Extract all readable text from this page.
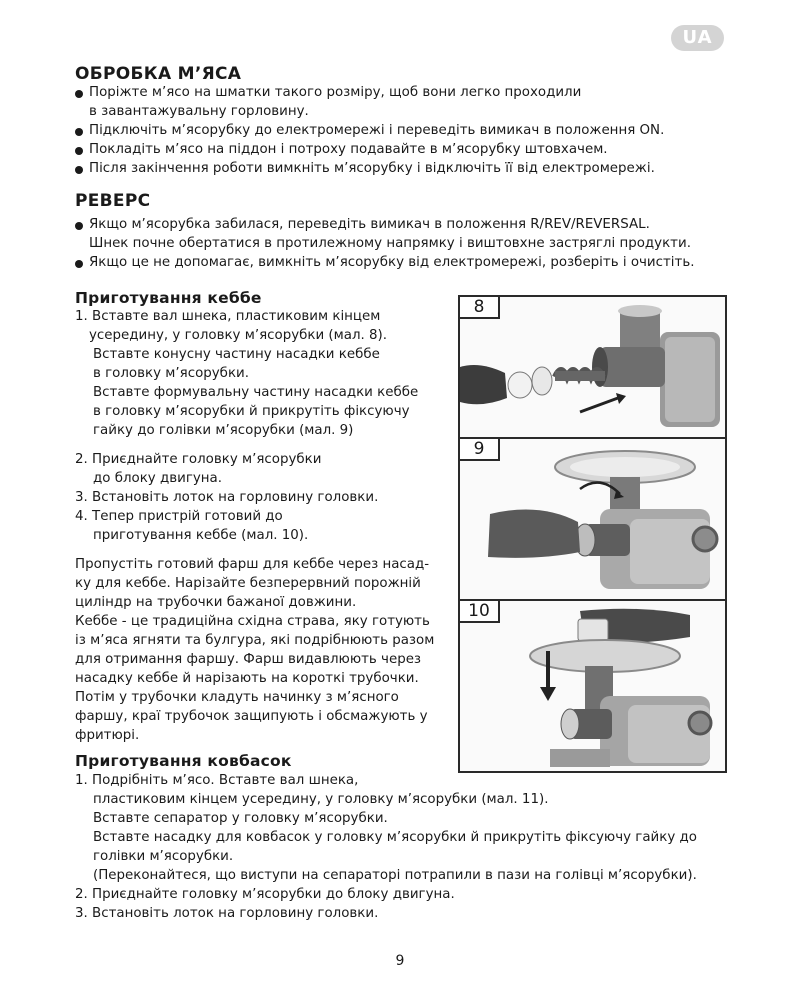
UA
ОБРОБКА М’ЯСА
Поріжте м’ясо на шматки такого розміру, щоб вони легко проходили
в завантажувальну горловину.
Підключіть м’ясорубку до електромережі і переведіть вимикач в положення ON.
Покладіть м’ясо на піддон і потроху подавайте в м’ясорубку штовхачем.
Після закінчення роботи вимкніть м’ясорубку і відключіть її від електромережі.
РЕВЕРС
Якщо м’ясорубка забилася, переведіть вимикач в положення R/REV/REVERSAL.
Шнек почне обертатися в протилежному напрямку і виштовхне застряглі продукти.
Якщо це не допомагає, вимкніть м’ясорубку від електромережі, розберіть і очистіть.
Приготування кеббе
1. Вставте вал шнека, пластиковим кінцем
усередину, у головку м’ясорубки (мал. 8).
Вставте конусну частину насадки кеббе
в головку м’ясорубки.
Вставте формувальну частину насадки кеббе
в головку м’ясорубки й прикрутіть фіксуючу
гайку до голівки м’ясорубки (мал. 9)
2. Приєднайте головку м’ясорубки
до блоку двигуна.
3. Встановіть лоток на горловину головки.
4. Тепер пристрій готовий до
приготування кеббе (мал. 10).
Пропустіть готовий фарш для кеббе через насад-
ку для кеббе. Нарізайте безперервний порожній
циліндр на трубочки бажаної довжини.
Кеббе - це традиційна східна страва, яку готують
із м’яса ягняти та булгура, які подрібнюють разом
для отримання фаршу. Фарш видавлюють через
насадку кеббе й нарізають на короткі трубочки.
Потім у трубочки кладуть начинку з м’ясного
фаршу, краї трубочок защипують і обсмажують у
фритюрі.
Приготування ковбасок
1. Подрібніть м’ясо. Вставте вал шнека,
пластиковим кінцем усередину, у головку м’ясорубки (мал. 11).
Вставте сепаратор у головку м’ясорубки.
Вставте насадку для ковбасок у головку м’ясорубки й прикрутіть фіксуючу гайку до
голівки м’ясорубки.
(Переконайтеся, що виступи на сепараторі потрапили в пази на голівці м’ясорубки).
2. Приєднайте головку м’ясорубки до блоку двигуна.
3. Встановіть лоток на горловину головки.
8
9
10
9
